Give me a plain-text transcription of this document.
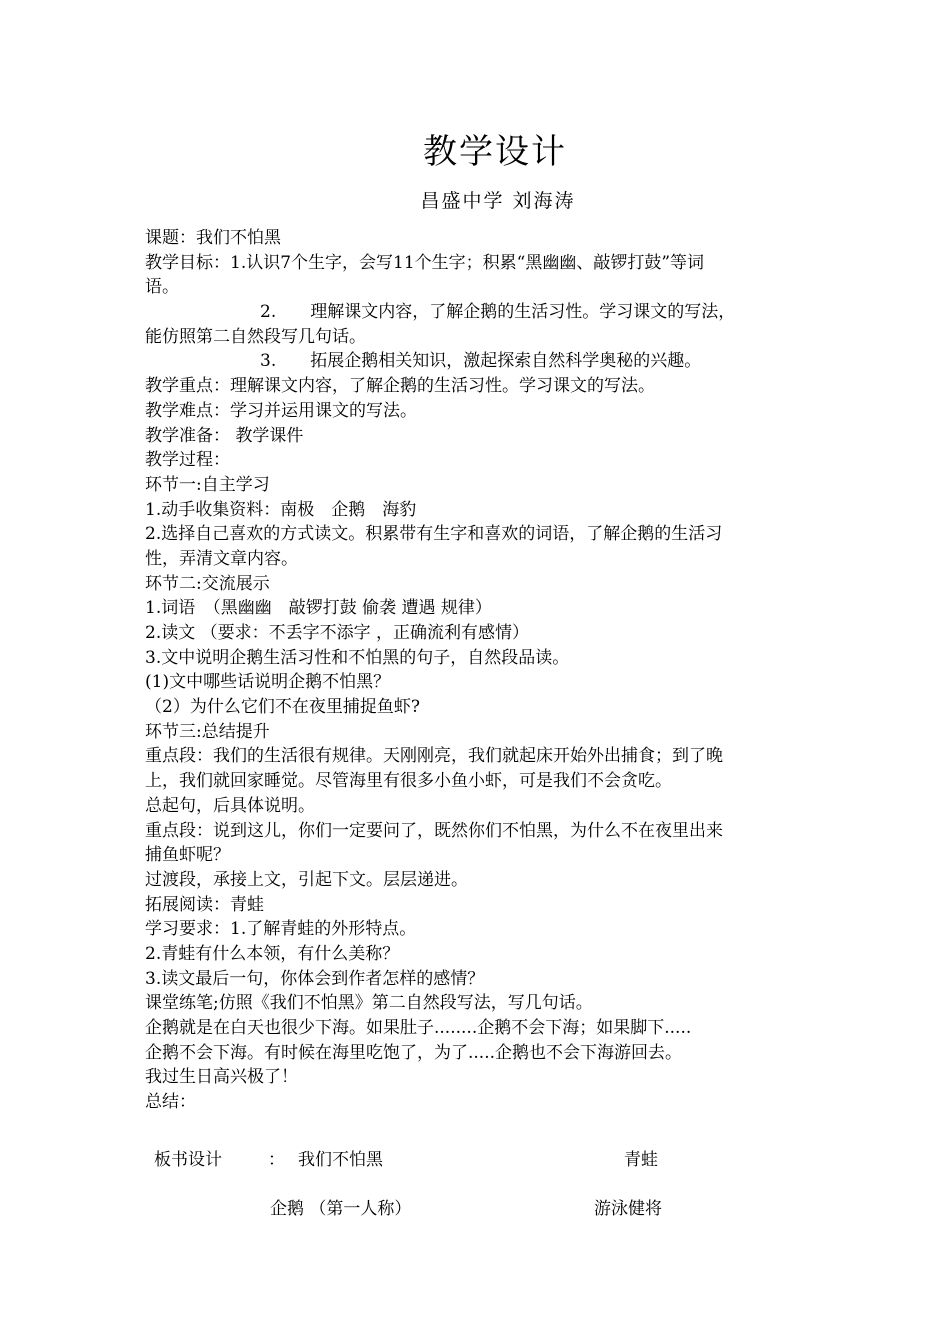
教学设计
昌盛中学 刘海涛
课题：我们不怕黑
教学目标：1.认识7个生字，会写11个生字；积累“黑幽幽、敲锣打鼓”等词
语。
2.　　理解课文内容，了解企鹅的生活习性。学习课文的写法，
能仿照第二自然段写几句话。
3.　　拓展企鹅相关知识，激起探索自然科学奥秘的兴趣。
教学重点：理解课文内容，了解企鹅的生活习性。学习课文的写法。
教学难点：学习并运用课文的写法。
教学准备： 教学课件
教学过程：
环节一:自主学习
1.动手收集资料：南极　企鹅　海豹
2.选择自己喜欢的方式读文。积累带有生字和喜欢的词语，了解企鹅的生活习
性，弄清文章内容。
环节二:交流展示
1.词语　（黑幽幽　敲锣打鼓 偷袭 遭遇 规律）
2.读文 （要求：不丢字不添字 ，正确流利有感情）
3.文中说明企鹅生活习性和不怕黑的句子，自然段品读。
(1)文中哪些话说明企鹅不怕黑？
（2）为什么它们不在夜里捕捉鱼虾?
环节三:总结提升
重点段：我们的生活很有规律。天刚刚亮，我们就起床开始外出捕食；到了晚
上，我们就回家睡觉。尽管海里有很多小鱼小虾，可是我们不会贪吃。
总起句，后具体说明。
重点段：说到这儿，你们一定要问了，既然你们不怕黑，为什么不在夜里出来
捕鱼虾呢？
过渡段，承接上文，引起下文。层层递进。
拓展阅读：青蛙
学习要求：1.了解青蛙的外形特点。
2.青蛙有什么本领，有什么美称？
3.读文最后一句，你体会到作者怎样的感情？
课堂练笔;仿照《我们不怕黑》第二自然段写法，写几句话。
企鹅就是在白天也很少下海。如果肚子........企鹅不会下海；如果脚下.....
企鹅不会下海。有时候在海里吃饱了，为了.....企鹅也不会下海游回去。
我过生日高兴极了！
总结：
板书设计	： 我们不怕黑	青蛙
企鹅 （第一人称）	游泳健将
